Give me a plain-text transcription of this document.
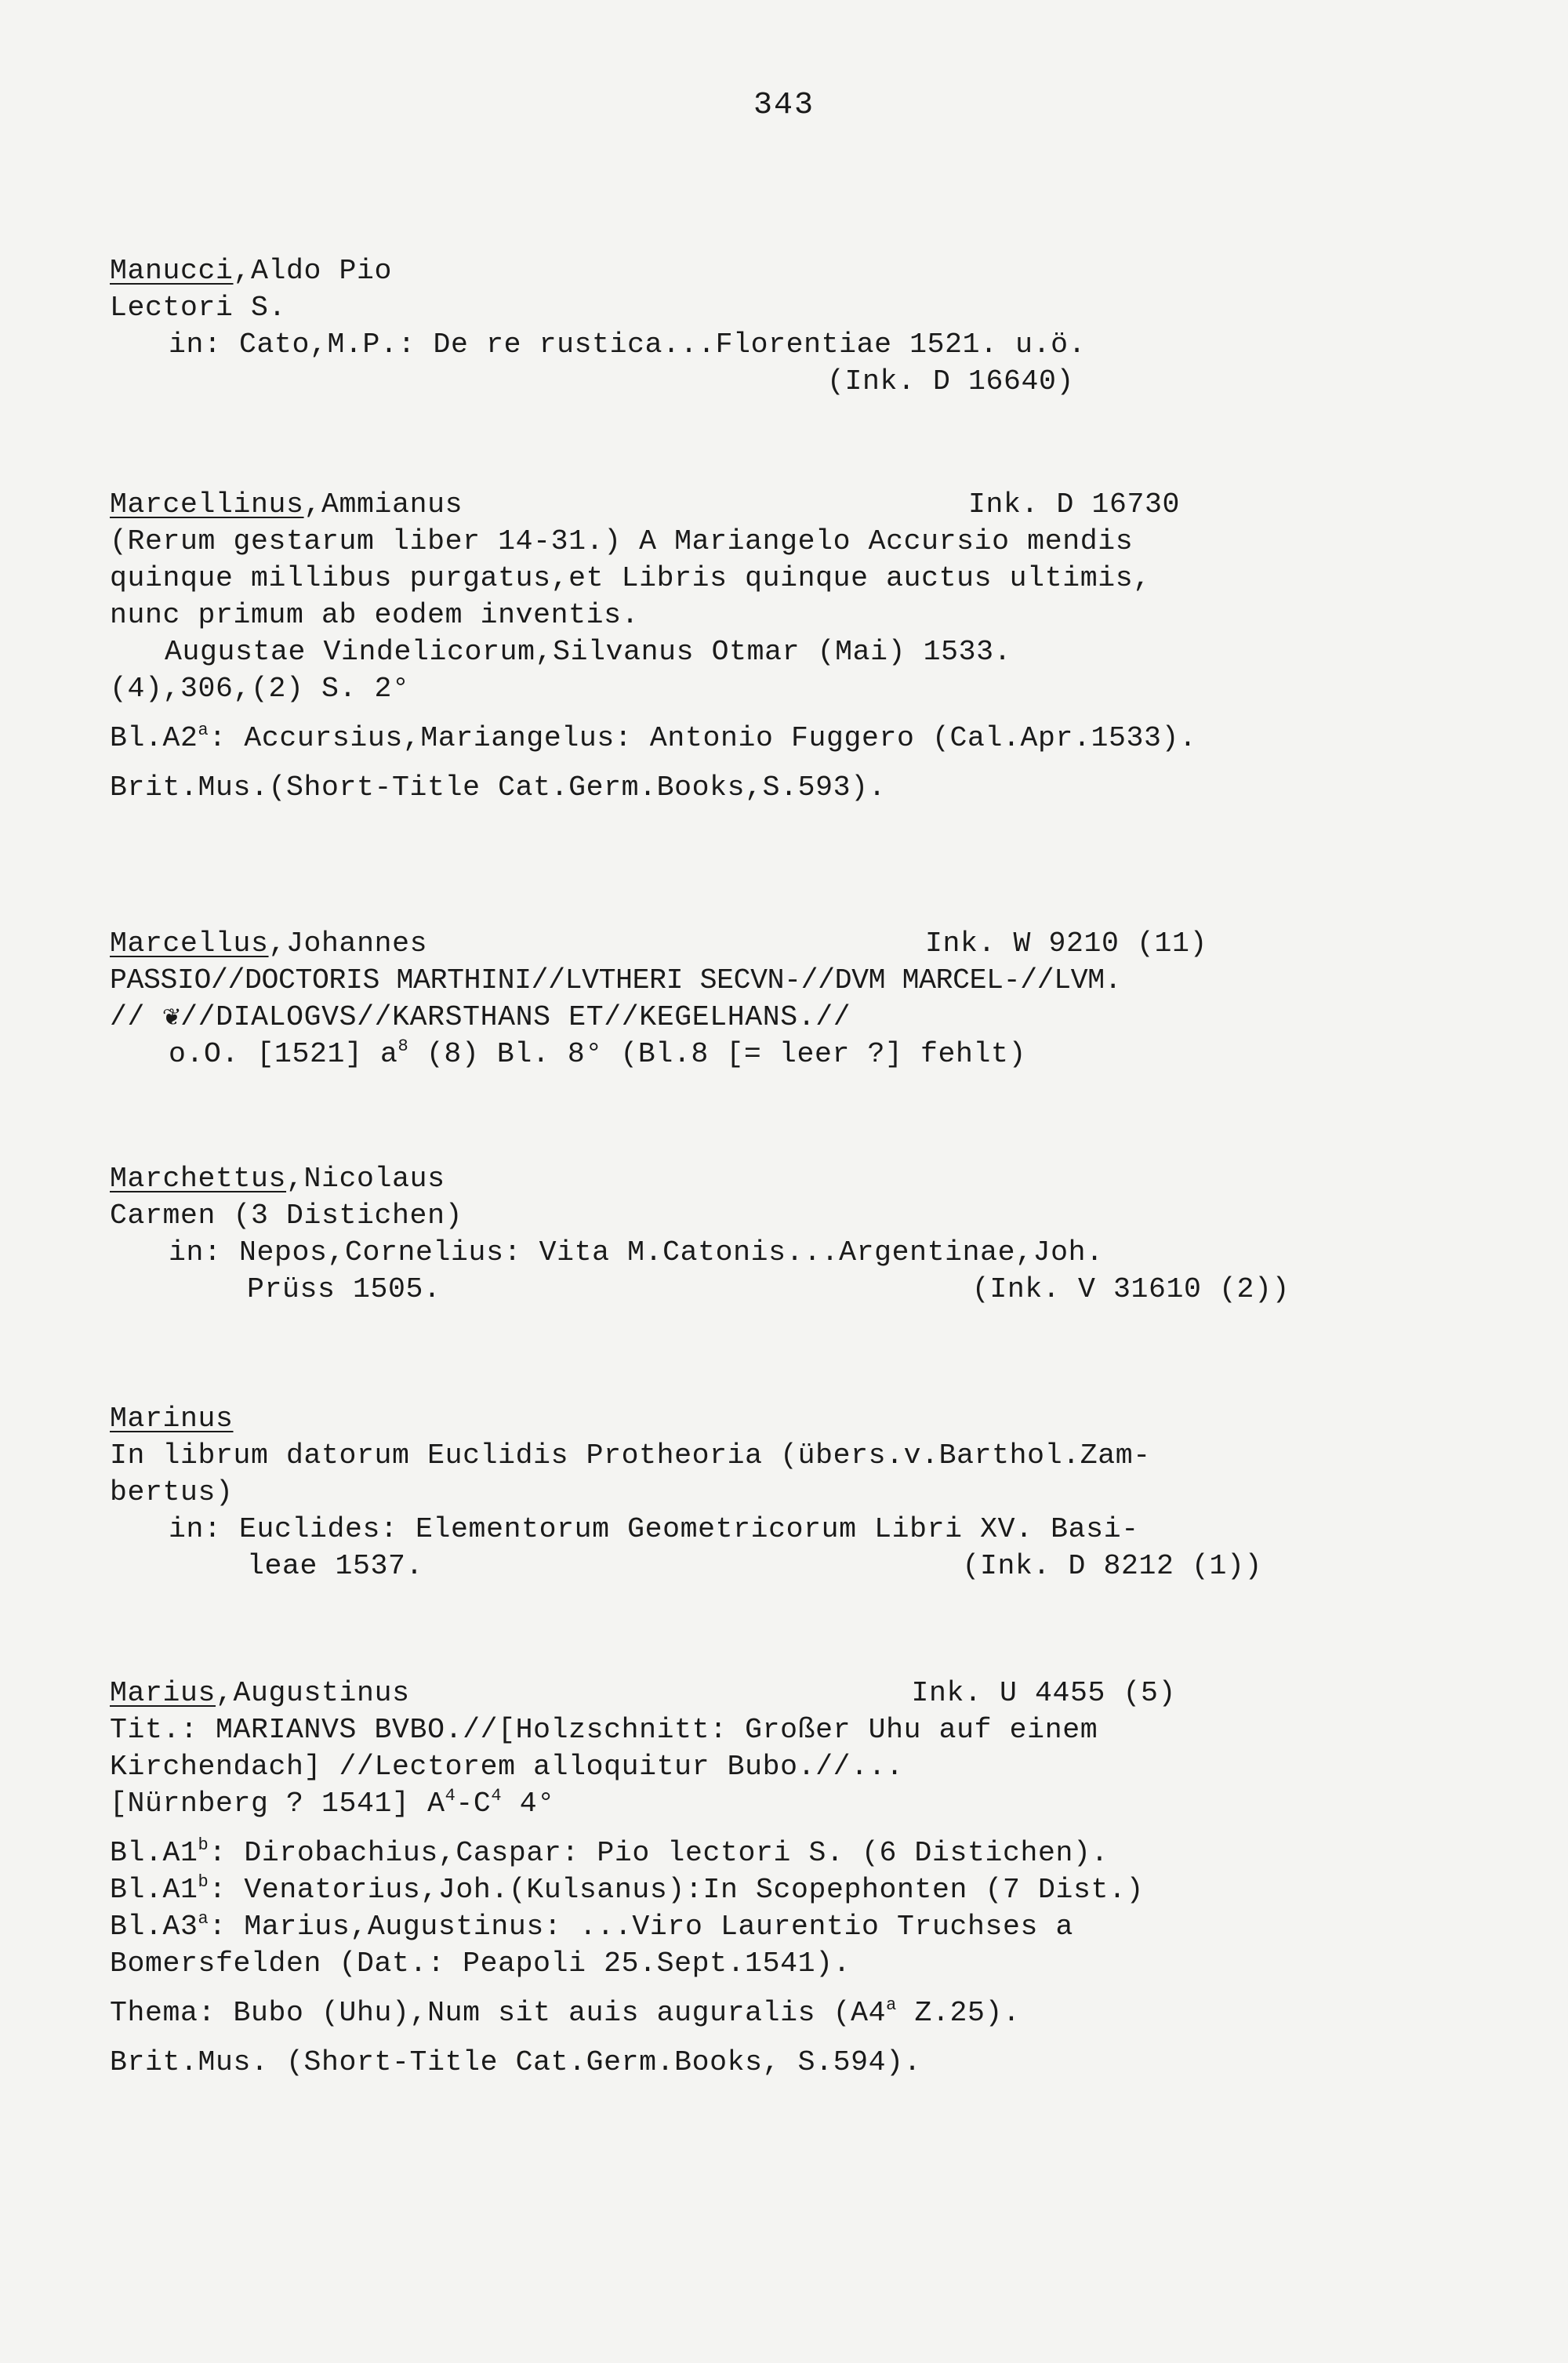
343
Manucci,Aldo Pio
Lectori S.
in: Cato,M.P.: De re rustica...Florentiae 1521. u.ö.
(Ink. D 16640)
Marcellinus,Ammianus	Ink. D 16730
(Rerum gestarum liber 14-31.) A Mariangelo Accursio mendis
quinque millibus purgatus,et Libris quinque auctus ultimis,
nunc primum ab eodem inventis.
Augustae Vindelicorum,Silvanus Otmar (Mai) 1533.
(4),306,(2) S. 2°
Bl.A2$^a$: Accursius,Mariangelus: Antonio Fuggero (Cal.Apr.1533).
Brit.Mus.(Short-Title Cat.Germ.Books,S.593).
Marcellus,Johannes	Ink. W 9210 (11)
PASSIO//DOCTORIS MARTHINI//LVTHERI SECVN-//DVM MARCEL-//LVM.
// ❦//DIALOGVS//KARSTHANS ET//KEGELHANS.//
o.O. [1521] $a^8$ (8) Bl. 8° (Bl.8 [= leer ?] fehlt)
Marchettus,Nicolaus
Carmen (3 Distichen)
in: Nepos,Cornelius: Vita M.Catonis...Argentinae,Joh.
Prüss 1505.	(Ink. V 31610 (2))
Marinus
In librum datorum Euclidis Protheoria (übers.v.Barthol.Zam-
bertus)
in: Euclides: Elementorum Geometricorum Libri XV. Basi-
leae 1537.	(Ink. D 8212 (1))
Marius,Augustinus	Ink. U 4455 (5)
Tit.: MARIANVS BVBO.//[Holzschnitt: Großer Uhu auf einem
Kirchendach] //Lectorem alloquitur Bubo.//...
[Nürnberg ? 1541] $A^4-C^4$ 4°
Bl.A1$^b$: Dirobachius,Caspar: Pio lectori S. (6 Distichen).
Bl.A1$^b$: Venatorius,Joh.(Kulsanus):In Scopephonten (7 Dist.)
Bl.A3$^a$: Marius,Augustinus: ...Viro Laurentio Truchses a
Bomersfelden (Dat.: Peapoli 25.Sept.1541).
Thema: Bubo (Uhu),Num sit auis auguralis (A4$^a$ Z.25).
Brit.Mus. (Short-Title Cat.Germ.Books, S.594).
